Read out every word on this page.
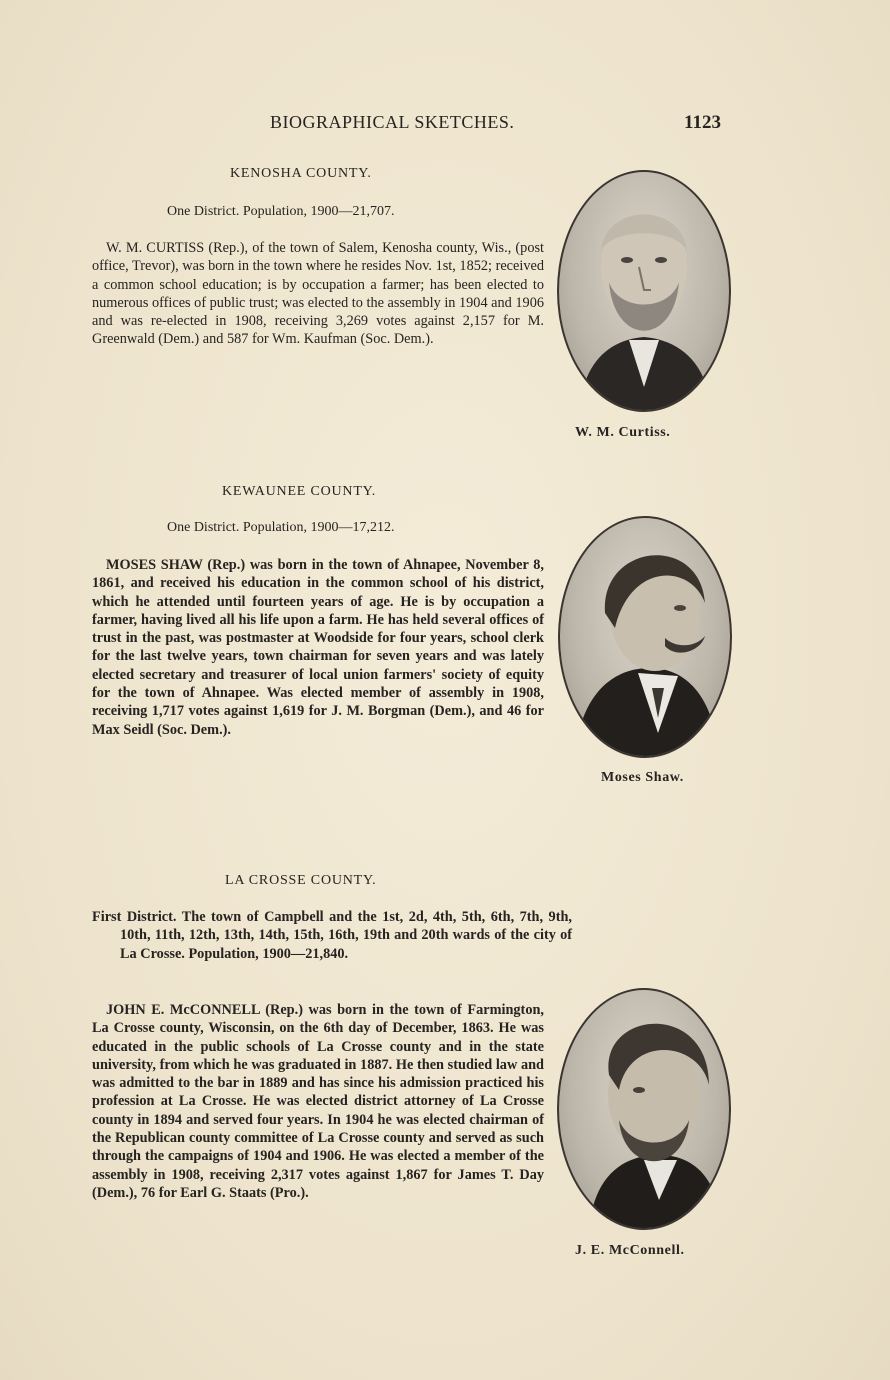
BIOGRAPHICAL SKETCHES.	1123
KENOSHA COUNTY.
One District. Population, 1900—21,707.

W. M. CURTISS (Rep.), of the town of Salem, Kenosha county, Wis., (post office, Trevor), was born in the town where he resides Nov. 1st, 1852; received a common school education; is by occupation a farmer; has been elected to numerous offices of public trust; was elected to the assembly in 1904 and 1906 and was re-elected in 1908, receiving 3,269 votes against 2,157 for M. Greenwald (Dem.) and 587 for Wm. Kaufman (Soc. Dem.).

W. M. Curtiss.
KEWAUNEE COUNTY.
One District. Population, 1900—17,212.

MOSES SHAW (Rep.) was born in the town of Ahnapee, November 8, 1861, and received his education in the common school of his district, which he attended until fourteen years of age. He is by occupation a farmer, having lived all his life upon a farm. He has held several offices of trust in the past, was postmaster at Woodside for four years, school clerk for the last twelve years, town chairman for seven years and was lately elected secretary and treasurer of local union farmers' society of equity for the town of Ahnapee. Was elected member of assembly in 1908, receiving 1,717 votes against 1,619 for J. M. Borgman (Dem.), and 46 for Max Seidl (Soc. Dem.).

Moses Shaw.
LA CROSSE COUNTY.

First District. The town of Campbell and the 1st, 2d, 4th, 5th, 6th, 7th, 9th, 10th, 11th, 12th, 13th, 14th, 15th, 16th, 19th and 20th wards of the city of La Crosse. Population, 1900—21,840.

JOHN E. McCONNELL (Rep.) was born in the town of Farmington, La Crosse county, Wisconsin, on the 6th day of December, 1863. He was educated in the public schools of La Crosse county and in the state university, from which he was graduated in 1887. He then studied law and was admitted to the bar in 1889 and has since his admission practiced his profession at La Crosse. He was elected district attorney of La Crosse county in 1894 and served four years. In 1904 he was elected chairman of the Republican county committee of La Crosse county and served as such through the campaigns of 1904 and 1906. He was elected a member of the assembly in 1908, receiving 2,317 votes against 1,867 for James T. Day (Dem.), 76 for Earl G. Staats (Pro.).

J. E. McConnell.
